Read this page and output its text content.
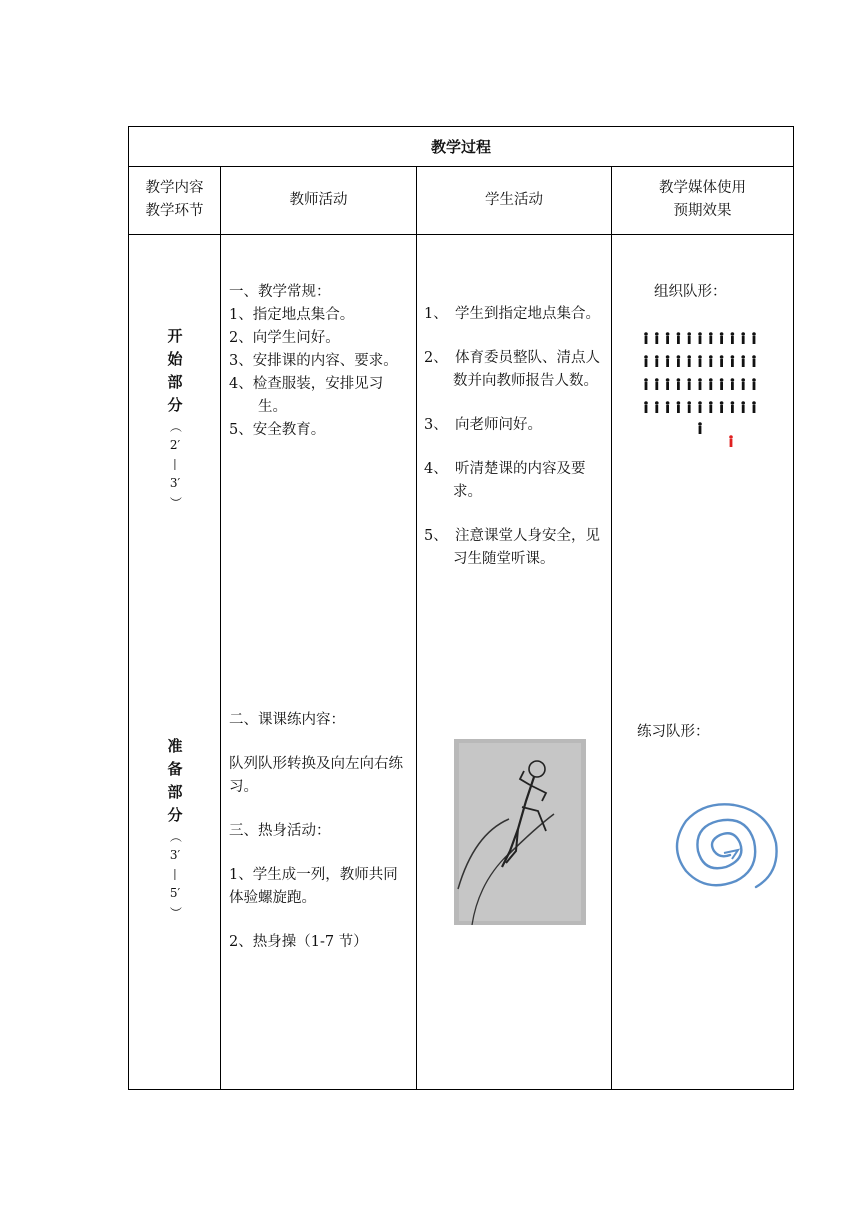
教学过程
教学内容
教学环节
教师活动	学生活动
教学媒体使用
预期效果
开
始
部
分
（
2′
—
3′
）
准
备
部
分
（
3′
—
5′
）
一、教学常规：
1、指定地点集合。
2、向学生问好。
3、安排课的内容、要求。
4、检查服装，安排见习生。
5、安全教育。
1、　学生到指定地点集合。
2、　体育委员整队、清点人数并向教师报告人数。
3、　向老师问好。
4、　听清楚课的内容及要求。
5、　注意课堂人身安全，见习生随堂听课。
组织队形：
二、课课练内容：
队列队形转换及向左向右练习。
三、热身活动：
1、学生成一列，教师共同体验螺旋跑。
2、热身操（1-7 节）
练习队形：
